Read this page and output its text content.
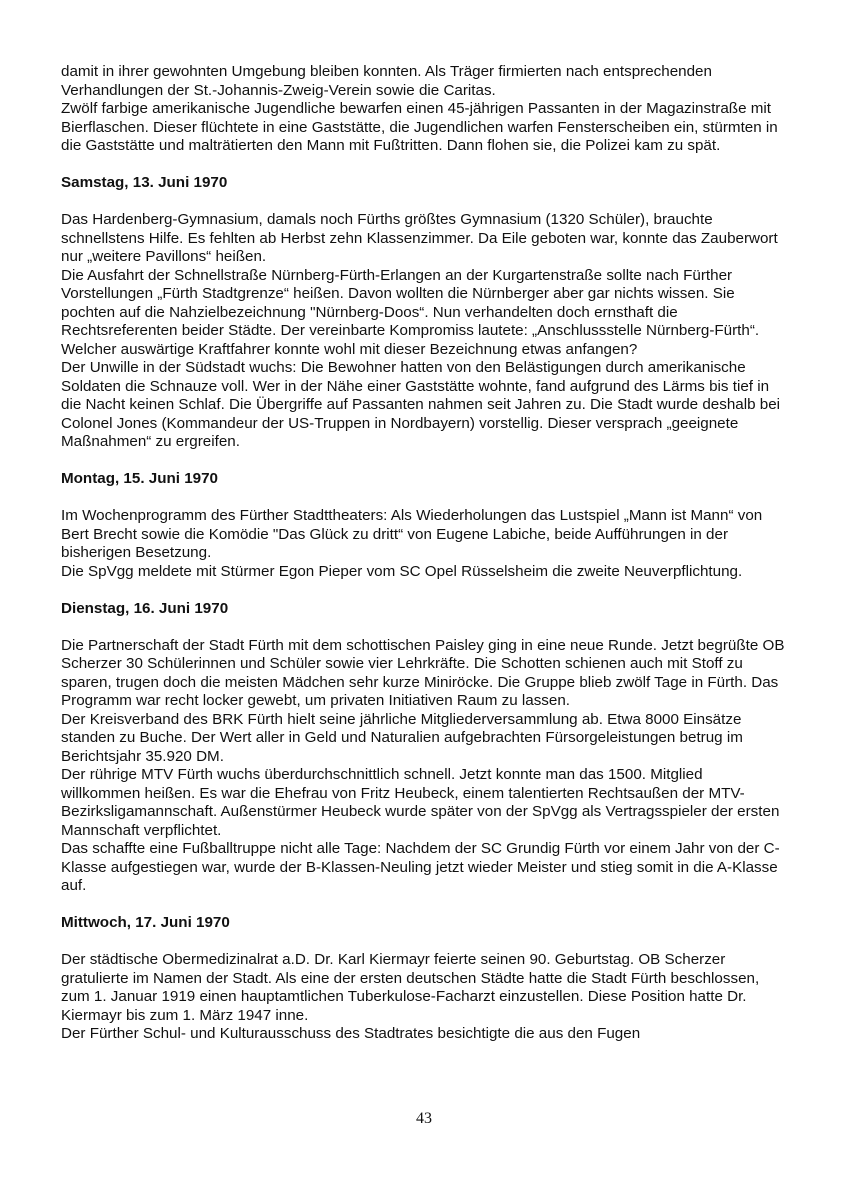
damit in ihrer gewohnten Umgebung bleiben konnten. Als Träger firmierten nach entsprechenden Verhandlungen der St.-Johannis-Zweig-Verein sowie die Caritas.

Zwölf farbige amerikanische Jugendliche bewarfen einen 45-jährigen Passanten in der Magazinstraße mit Bierflaschen. Dieser flüchtete in eine Gaststätte, die Jugendlichen warfen Fensterscheiben ein, stürmten in die Gaststätte und malträtierten den Mann mit Fußtritten. Dann flohen sie, die Polizei kam zu spät.

Samstag, 13. Juni 1970

Das Hardenberg-Gymnasium, damals noch Fürths größtes Gymnasium (1320 Schüler), brauchte schnellstens Hilfe. Es fehlten ab Herbst zehn Klassenzimmer. Da Eile geboten war, konnte das Zauberwort nur „weitere Pavillons“ heißen.

Die Ausfahrt der Schnellstraße Nürnberg-Fürth-Erlangen an der Kurgartenstraße sollte nach Fürther Vorstellungen „Fürth Stadtgrenze“ heißen. Davon wollten die Nürnberger aber gar nichts wissen. Sie pochten auf die Nahzielbezeichnung "Nürnberg-Doos“. Nun verhandelten doch ernsthaft die Rechtsreferenten beider Städte. Der vereinbarte Kompromiss lautete: „Anschlussstelle Nürnberg-Fürth“. Welcher auswärtige Kraftfahrer konnte wohl mit dieser Bezeichnung etwas anfangen?

Der Unwille in der Südstadt wuchs: Die Bewohner hatten von den Belästigungen durch amerikanische Soldaten die Schnauze voll. Wer in der Nähe einer Gaststätte wohnte, fand aufgrund des Lärms bis tief in die Nacht keinen Schlaf. Die Übergriffe auf Passanten nahmen seit Jahren zu. Die Stadt wurde deshalb bei Colonel Jones (Kommandeur der US-Truppen in Nordbayern) vorstellig. Dieser versprach „geeignete Maßnahmen“ zu ergreifen.

Montag, 15. Juni 1970

Im Wochenprogramm des Fürther Stadttheaters: Als Wiederholungen das Lustspiel „Mann ist Mann“ von Bert Brecht sowie die Komödie "Das Glück zu dritt“ von Eugene Labiche, beide Aufführungen in der bisherigen Besetzung.

Die SpVgg meldete mit Stürmer Egon Pieper vom SC Opel Rüsselsheim die zweite Neuverpflichtung.

Dienstag, 16. Juni 1970

Die Partnerschaft der Stadt Fürth mit dem schottischen Paisley ging in eine neue Runde. Jetzt begrüßte OB Scherzer 30 Schülerinnen und Schüler sowie vier Lehrkräfte. Die Schotten schienen auch mit Stoff zu sparen, trugen doch die meisten Mädchen sehr kurze Miniröcke. Die Gruppe blieb zwölf Tage in Fürth. Das Programm war recht locker gewebt, um privaten Initiativen Raum zu lassen.

Der Kreisverband des BRK Fürth hielt seine jährliche Mitgliederversammlung ab. Etwa 8000 Einsätze standen zu Buche. Der Wert aller in Geld und Naturalien aufgebrachten Fürsorgeleistungen betrug im Berichtsjahr 35.920 DM.

Der rührige MTV Fürth wuchs überdurchschnittlich schnell. Jetzt konnte man das 1500. Mitglied willkommen heißen. Es war die Ehefrau von Fritz Heubeck, einem talentierten Rechtsaußen der MTV-Bezirksligamannschaft. Außenstürmer Heubeck wurde später von der SpVgg als Vertragsspieler der ersten Mannschaft verpflichtet.

Das schaffte eine Fußballtruppe nicht alle Tage: Nachdem der SC Grundig Fürth vor einem Jahr von der C-Klasse aufgestiegen war, wurde der B-Klassen-Neuling jetzt wieder Meister und stieg somit in die A-Klasse auf.

Mittwoch, 17. Juni 1970

Der städtische Obermedizinalrat a.D. Dr. Karl Kiermayr feierte seinen 90. Geburtstag. OB Scherzer gratulierte im Namen der Stadt. Als eine der ersten deutschen Städte hatte die Stadt Fürth beschlossen, zum 1. Januar 1919 einen hauptamtlichen Tuberkulose-Facharzt einzustellen. Diese Position hatte Dr. Kiermayr bis zum 1. März 1947 inne.

Der Fürther Schul- und Kulturausschuss des Stadtrates besichtigte die aus den Fugen

43
